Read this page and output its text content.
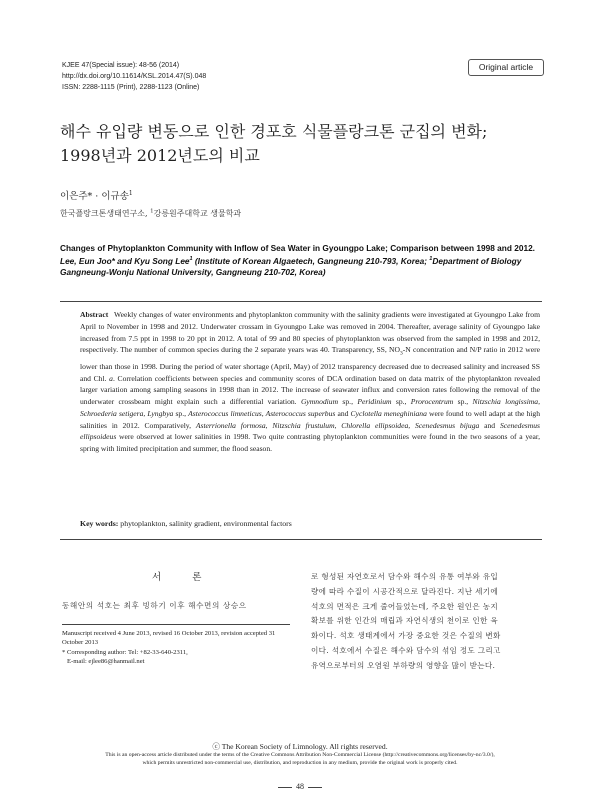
KJEE 47(Special issue): 48-56 (2014)
http://dx.doi.org/10.11614/KSL.2014.47(S).048
ISSN: 2288-1115 (Print), 2288-1123 (Online)
Original article
해수 유입량 변동으로 인한 경포호 식물플랑크톤 군집의 변화;
1998년과 2012년도의 비교
이은주* · 이규송$^1$
한국플랑크톤생태연구소, $^1$강릉원주대학교 생물학과
Changes of Phytoplankton Community with Inflow of Sea Water in Gyoungpo Lake; Comparison between 1998 and 2012. Lee, Eun Joo* and Kyu Song Lee$^1$ (Institute of Korean Algaetech, Gangneung 210-793, Korea; $^1$Department of Biology Gangneung-Wonju National University, Gangneung 210-702, Korea)
Abstract Weekly changes of water environments and phytoplankton community with the salinity gradients were investigated at Gyoungpo Lake from April to November in 1998 and 2012. Underwater crossam in Gyoungpo Lake was removed in 2004. Thereafter, average salinity of Gyoungpo lake increased from 7.5 ppt in 1998 to 20 ppt in 2012. A total of 99 and 80 species of phytoplankton was observed from the sampled in 1998 and 2012, respectively. The number of common species during the 2 separate years was 40. Transparency, SS, $NO_3-N$ concentration and N/P ratio in 2012 were lower than those in 1998. During the period of water shortage (April, May) of 2012 transparency decreased due to decreased salinity and increased SS and Chl. a. Correlation coefficients between species and community scores of DCA ordination based on data matrix of the phytoplankton revealed larger variation among sampling seasons in 1998 than in 2012. The increase of seawater influx and conversion rates following the removal of the underwater crossbeam might explain such a differential variation. Gymnodium sp., Peridinium sp., Prorocentrum sp., Nitzschia longissima, Schroederia setigera, Lyngbya sp., Asterococcus limneticus, Asterococcus superbus and Cyclotella meneghiniana were found to well adapt at the high salinities in 2012. Comparatively, Asterrionella formosa, Nitzschia frustulum, Chlorella ellipsoidea, Scenedesmus bijuga and Scenedesmus ellipsoideus were observed at lower salinities in 1998. Two quite contrasting phytoplankton communities were found in the two seasons of a year, spring with limited precipitation and summer, the flood season.
Key words: phytoplankton, salinity gradient, environmental factors
서 론
동해안의 석호는 최후 빙하기 이후 해수면의 상승으
로 형성된 자연호로서 담수와 해수의 유통 여부와 유입
량에 따라 수질이 시공간적으로 달라진다. 지난 세기에
석호의 면적은 크게 줄어들었는데, 주요한 원인은 농지
확보를 위한 인간의 매립과 자연식생의 천이로 인한 육
화이다. 석호 생태계에서 가장 중요한 것은 수질의 변화
이다. 석호에서 수질은 해수와 담수의 섞임 정도 그리고
유역으로부터의 오염원 부하량의 영향을 많이 받는다.
Manuscript received 4 June 2013, revised 16 October 2013, revision accepted 31 October 2013
* Corresponding author: Tel: +82-33-640-2311,
E-mail: ejlee86@hanmail.net
ⓒ The Korean Society of Limnology. All rights reserved.
This is an open-access article distributed under the terms of the Creative Commons Attribution Non-Commercial License (http://creativecommons.org/licenses/by-nc/3.0/),
which permits unrestricted non-commercial use, distribution, and reproduction in any medium, provide the original work is properly cited.
48
